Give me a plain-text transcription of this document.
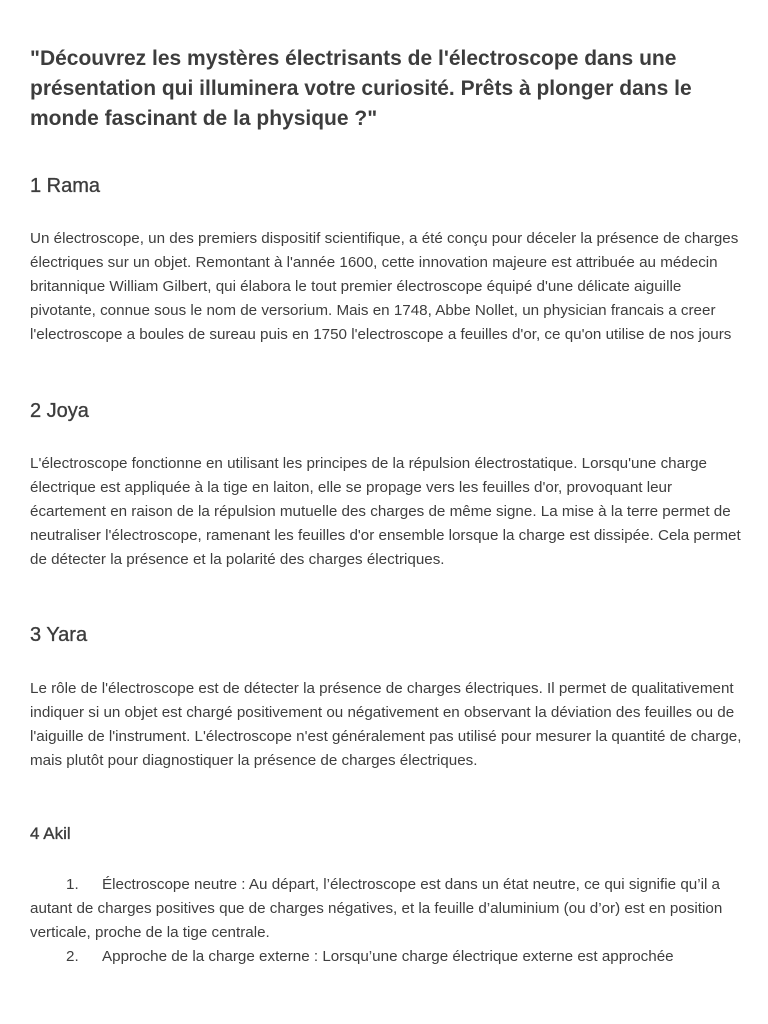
"Découvrez les mystères électrisants de l'électroscope dans une présentation qui illuminera votre curiosité. Prêts à plonger dans le monde fascinant de la physique ?"
1 Rama

Un électroscope, un des premiers dispositif scientifique, a été conçu pour déceler la présence de charges électriques sur un objet. Remontant à l'année 1600, cette innovation majeure est attribuée au médecin britannique William Gilbert, qui élabora le tout premier électroscope équipé d'une délicate aiguille pivotante, connue sous le nom de versorium. Mais en 1748, Abbe Nollet, un physician francais a creer l'electroscope a boules de sureau puis en 1750 l'electroscope a feuilles d'or, ce qu'on utilise de nos jours

2 Joya

L'électroscope fonctionne en utilisant les principes de la répulsion électrostatique. Lorsqu'une charge électrique est appliquée à la tige en laiton, elle se propage vers les feuilles d'or, provoquant leur écartement en raison de la répulsion mutuelle des charges de même signe. La mise à la terre permet de neutraliser l'électroscope, ramenant les feuilles d'or ensemble lorsque la charge est dissipée. Cela permet de détecter la présence et la polarité des charges électriques.

3 Yara

Le rôle de l'électroscope est de détecter la présence de charges électriques. Il permet de qualitativement indiquer si un objet est chargé positivement ou négativement en observant la déviation des feuilles ou de l'aiguille de l'instrument. L'électroscope n'est généralement pas utilisé pour mesurer la quantité de charge, mais plutôt pour diagnostiquer la présence de charges électriques.

4 Akil
1. Électroscope neutre : Au départ, l’électroscope est dans un état neutre, ce qui signifie qu’il a autant de charges positives que de charges négatives, et la feuille d’aluminium (ou d’or) est en position verticale, proche de la tige centrale.
2. Approche de la charge externe : Lorsqu’une charge électrique externe est approchée
